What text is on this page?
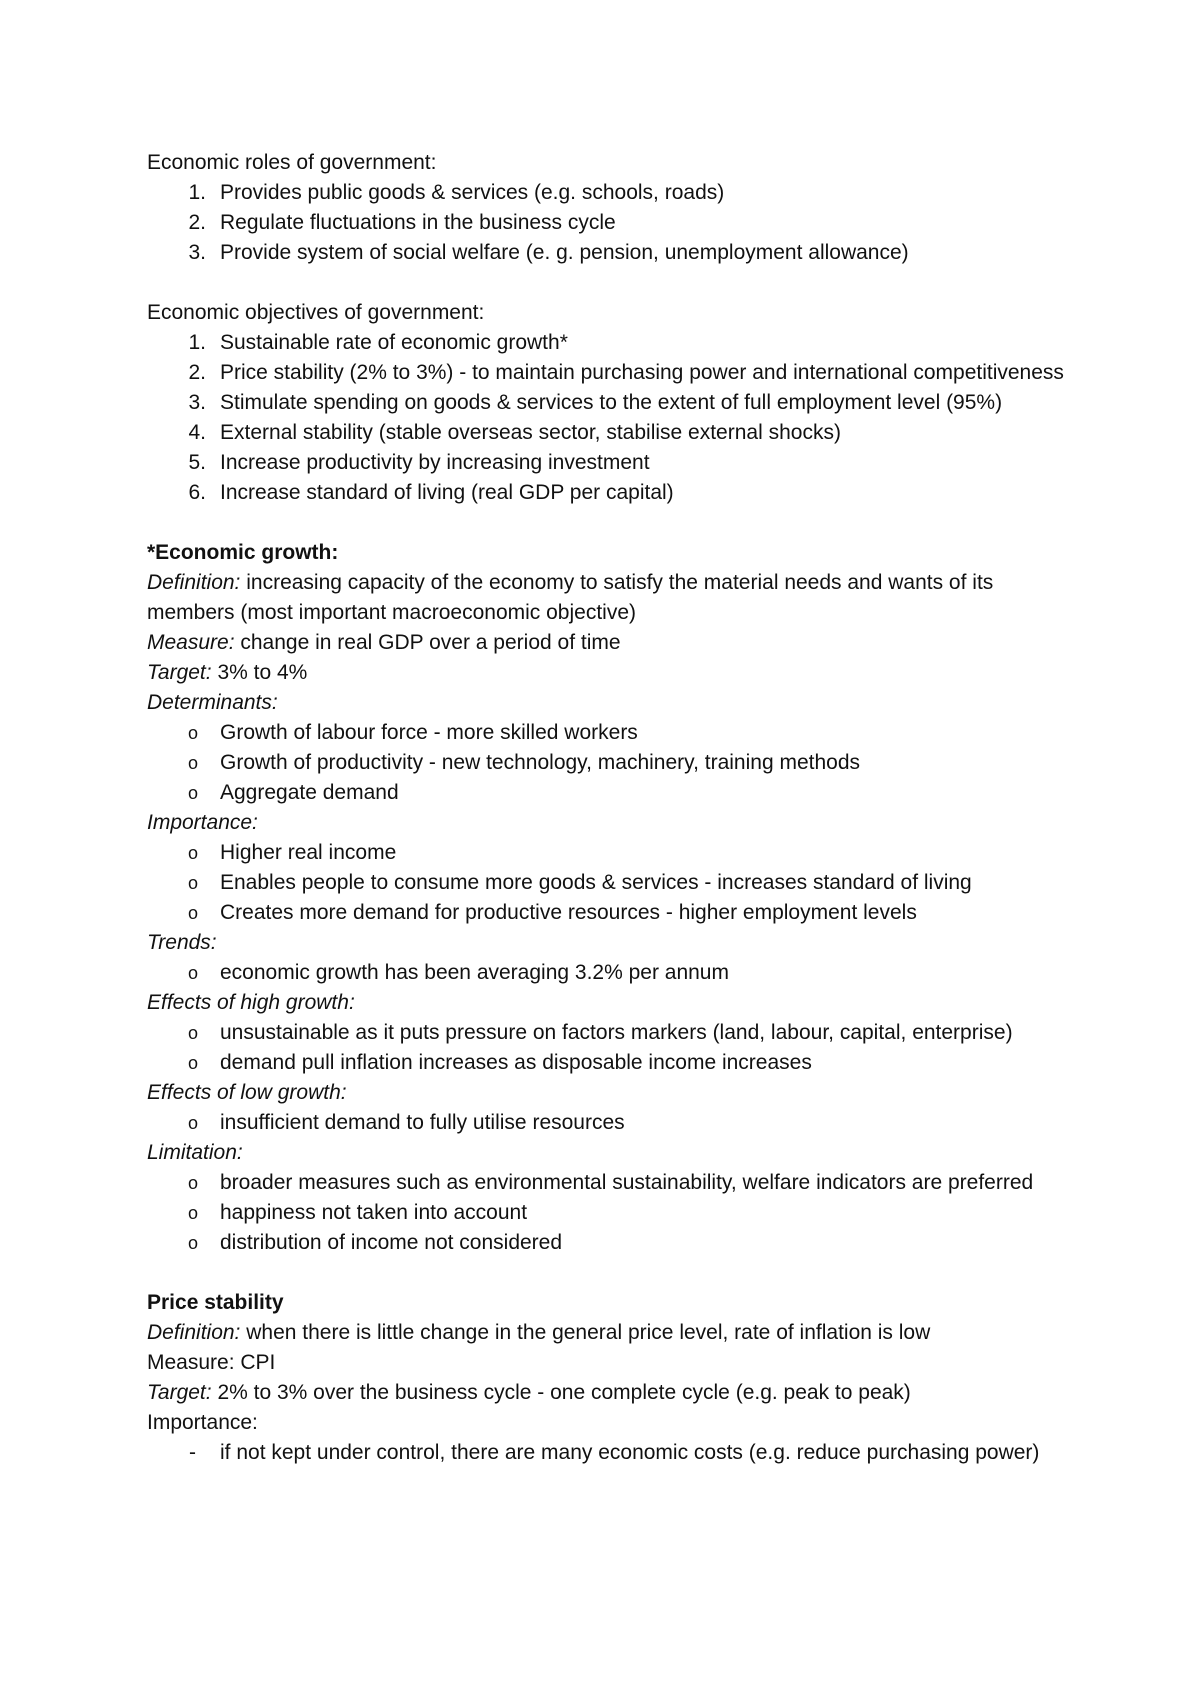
Economic roles of government:
1. Provides public goods & services (e.g. schools, roads)
2. Regulate fluctuations in the business cycle
3. Provide system of social welfare (e. g. pension, unemployment allowance)
Economic objectives of government:
1. Sustainable rate of economic growth*
2. Price stability (2% to 3%) - to maintain purchasing power and international competitiveness
3. Stimulate spending on goods & services to the extent of full employment level (95%)
4. External stability (stable overseas sector, stabilise external shocks)
5. Increase productivity by increasing investment
6. Increase standard of living (real GDP per capital)
*Economic growth:
Definition: increasing capacity of the economy to satisfy the material needs and wants of its members (most important macroeconomic objective)
Measure: change in real GDP over a period of time
Target: 3% to 4%
Determinants:
o	Growth of labour force - more skilled workers
o	Growth of productivity - new technology, machinery, training methods
o	Aggregate demand
Importance:
o	Higher real income
o	Enables people to consume more goods & services - increases standard of living
o	Creates more demand for productive resources - higher employment levels
Trends:
o	economic growth has been averaging 3.2% per annum
Effects of high growth:
o	unsustainable as it puts pressure on factors markers (land, labour, capital, enterprise)
o	demand pull inflation increases as disposable income increases
Effects of low growth:
o	insufficient demand to fully utilise resources
Limitation:
o	broader measures such as environmental sustainability, welfare indicators are preferred
o	happiness not taken into account
o	distribution of income not considered
Price stability
Definition: when there is little change in the general price level, rate of inflation is low
Measure: CPI
Target: 2% to 3% over the business cycle - one complete cycle (e.g. peak to peak)
Importance:
-	if not kept under control, there are many economic costs (e.g. reduce purchasing power)
